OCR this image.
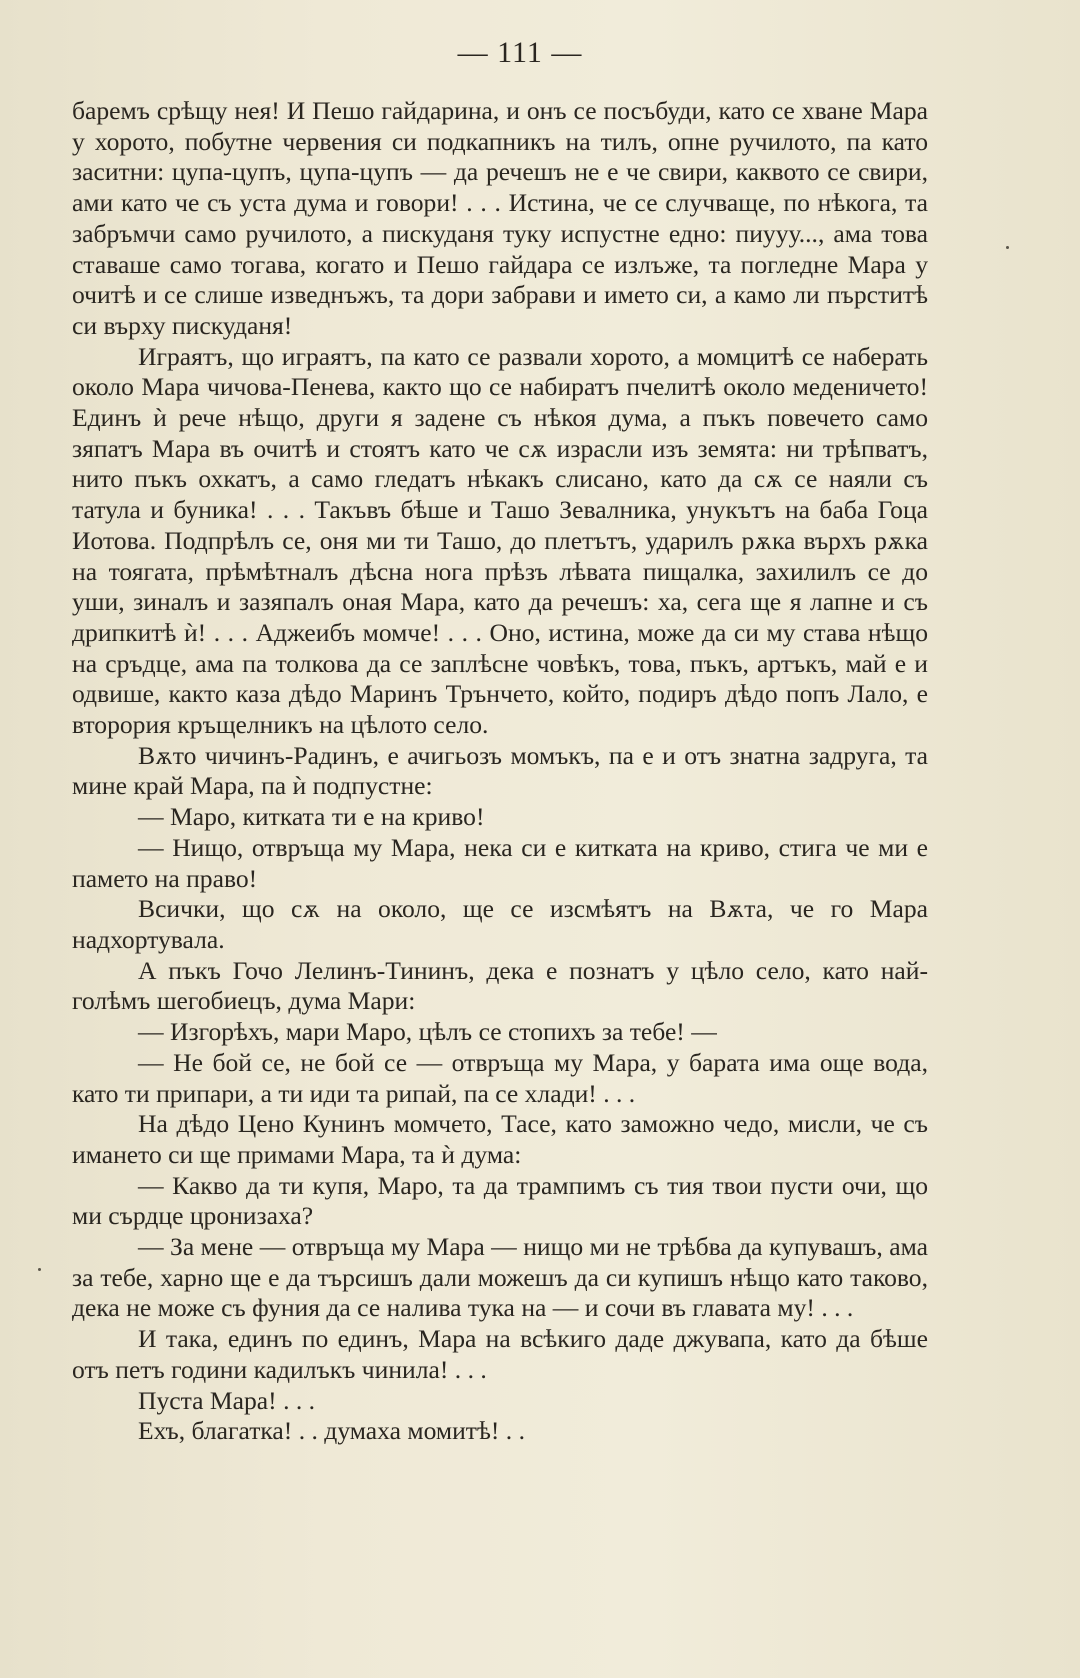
— 111 —

баремъ срѣщу нея! И Пешо гайдарина, и онъ се посъбуди, като се хване Мара у хорото, побутне червения си подкапникъ на тилъ, опне ручилото, па като заситни: цупа-цупъ, цупа-цупъ — да речешъ не е че свири, каквото се свири, ами като че съ уста дума и говори! . . . Истина, че се случваще, по нѣкога, та забръмчи само ручилото, а пискуданя туку испустне едно: пиууу..., ама това ставаше само тогава, когато и Пешо гайдара се излъже, та погледне Мара у очитѣ и се слише изведнъжъ, та дори забрави и името си, а камо ли пърститѣ си върху пискуданя!

Играятъ, що играятъ, па като се развали хорото, а момцитѣ се наберать около Мара чичова-Пенева, както що се набиратъ пчелитѣ около меденичето! Единъ ѝ рече нѣщо, други я задене съ нѣкоя дума, а пъкъ повечето само зяпатъ Мара въ очитѣ и стоятъ като че сѫ израсли изъ земята: ни трѣпватъ, нито пъкъ охкатъ, а само гледатъ нѣкакъ слисано, като да сѫ се наяли съ татула и буника! . . . Такъвъ бѣше и Ташо Зевалника, унукътъ на баба Гоца Иотова. Подпрѣлъ се, оня ми ти Ташо, до плетътъ, ударилъ рѫка върхъ рѫка на тоягата, прѣмѣтналъ дѣсна нога прѣзъ лѣвата пищалка, захилилъ се до уши, зиналъ и зазяпалъ оная Мара, като да речешъ: ха, сега ще я лапне и съ дрипкитѣ ѝ! . . . Аджеибъ момче! . . . Оно, истина, може да си му става нѣщо на сръдце, ама па толкова да се заплѣсне човѣкъ, това, пъкъ, артъкъ, май е и одвише, както каза дѣдо Маринъ Трънчето, който, подиръ дѣдо попъ Лало, е вторория кръщелникъ на цѣлото село.

Вѫто чичинъ-Радинъ, е ачигьозъ момъкъ, па е и отъ знатна задруга, та мине край Мара, па ѝ подпустне:

— Маро, китката ти е на криво!

— Нищо, отвръща му Мара, нека си е китката на криво, стига че ми е памето на право!

Всички, що сѫ на около, ще се изсмѣятъ на Вѫта, че го Мара надхортувала.

А пъкъ Гочо Лелинъ-Тининъ, дека е познатъ у цѣло село, като най-голѣмъ шегобиецъ, дума Мари:

— Изгорѣхъ, мари Маро, цѣлъ се стопихъ за тебе! —

— Не бой се, не бой се — отвръща му Мара, у барата има още вода, като ти припари, а ти иди та рипай, па се хлади! . . .

На дѣдо Цено Кунинъ момчето, Тасе, като заможно чедо, мисли, че съ имането си ще примами Мара, та ѝ дума:

— Какво да ти купя, Маро, та да трампимъ съ тия твои пусти очи, що ми сърдце цронизаха?

— За мене — отвръща му Мара — нищо ми не трѣбва да купувашъ, ама за тебе, харно ще е да търсишъ дали можешъ да си купишъ нѣщо като таково, дека не може съ фуния да се налива тука на — и сочи въ главата му! . . .

И така, единъ по единъ, Мара на всѣкиго даде джувапа, като да бѣше отъ петъ години кадилъкъ чинила! . . .

Пуста Мара! . . .

Ехъ, благатка! . . думаха момитѣ! . .
